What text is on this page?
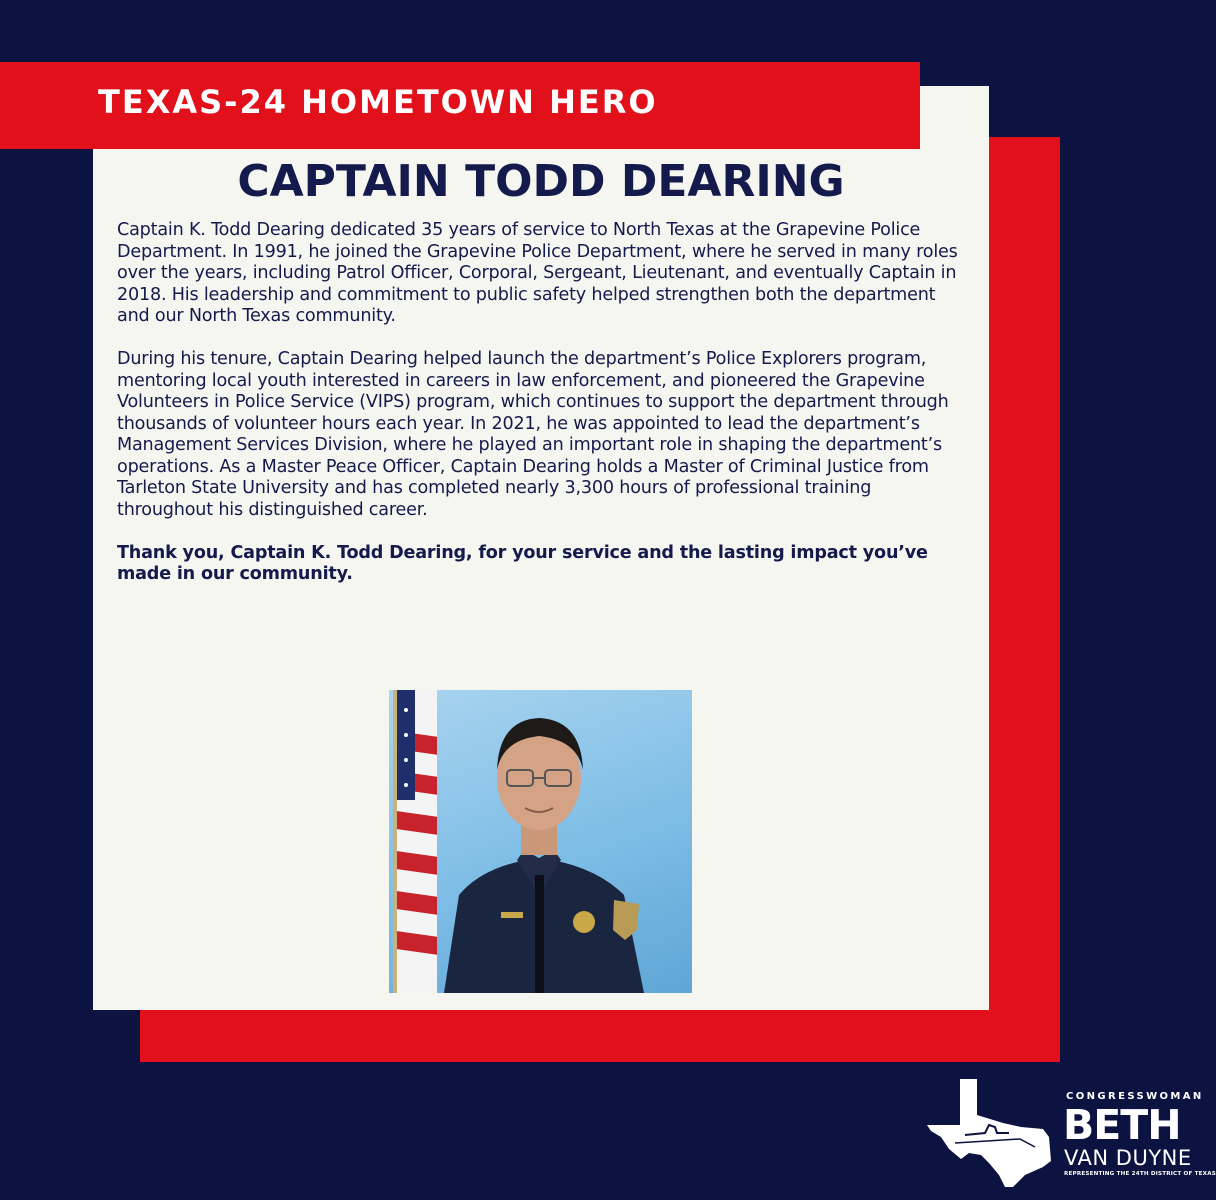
TEXAS-24 HOMETOWN HERO
CAPTAIN TODD DEARING

Captain K. Todd Dearing dedicated 35 years of service to North Texas at the Grapevine Police Department. In 1991, he joined the Grapevine Police Department, where he served in many roles over the years, including Patrol Officer, Corporal, Sergeant, Lieutenant, and eventually Captain in 2018. His leadership and commitment to public safety helped strengthen both the department and our North Texas community.

During his tenure, Captain Dearing helped launch the department’s Police Explorers program, mentoring local youth interested in careers in law enforcement, and pioneered the Grapevine Volunteers in Police Service (VIPS) program, which continues to support the department through thousands of volunteer hours each year. In 2021, he was appointed to lead the department’s Management Services Division, where he played an important role in shaping the department’s operations. As a Master Peace Officer, Captain Dearing holds a Master of Criminal Justice from Tarleton State University and has completed nearly 3,300 hours of professional training throughout his distinguished career.

Thank you, Captain K. Todd Dearing, for your service and the lasting impact you’ve made in our community.

CONGRESSWOMAN
BETH
VAN DUYNE
REPRESENTING THE 24TH DISTRICT OF TEXAS
